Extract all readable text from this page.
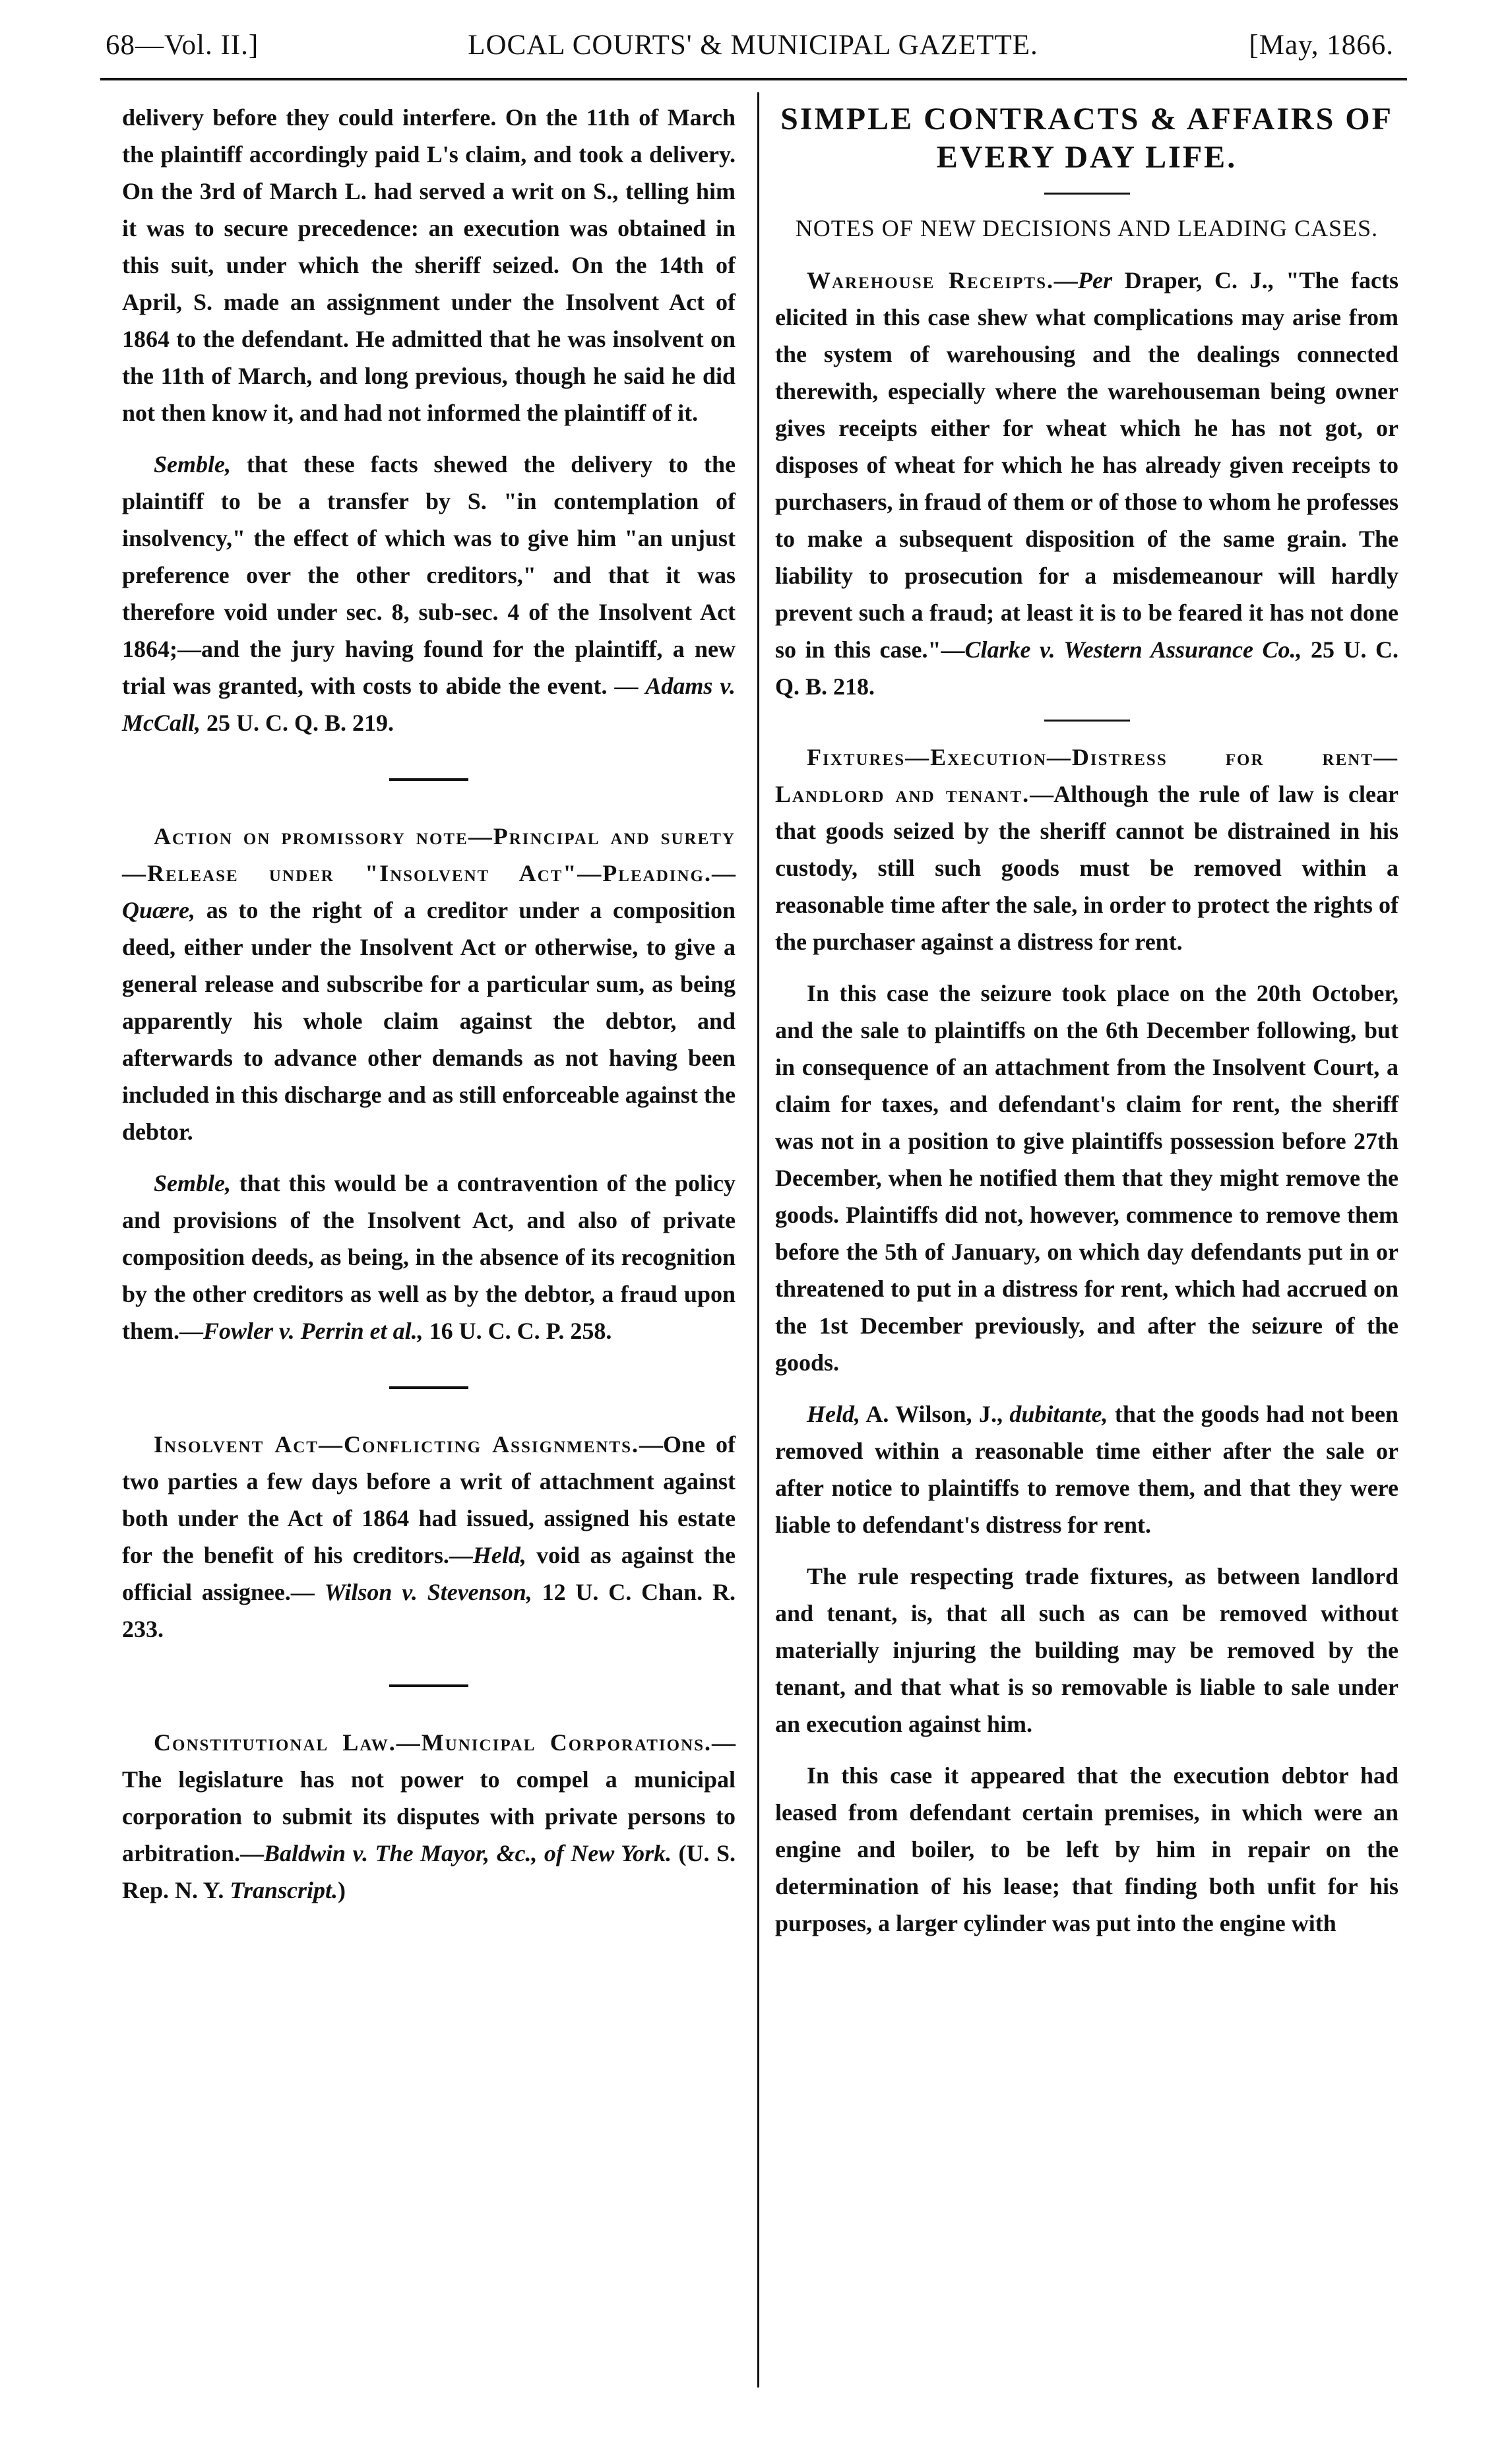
68—Vol. II.]	LOCAL COURTS' & MUNICIPAL GAZETTE.	[May, 1866.

delivery before they could interfere. On the 11th of March the plaintiff accordingly paid L's claim, and took a delivery. On the 3rd of March L. had served a writ on S., telling him it was to secure precedence: an execution was obtained in this suit, under which the sheriff seized. On the 14th of April, S. made an assignment under the Insolvent Act of 1864 to the defendant. He admitted that he was insolvent on the 11th of March, and long previous, though he said he did not then know it, and had not informed the plaintiff of it.

Semble, that these facts shewed the delivery to the plaintiff to be a transfer by S. "in contemplation of insolvency," the effect of which was to give him "an unjust preference over the other creditors," and that it was therefore void under sec. 8, sub-sec. 4 of the Insolvent Act 1864;—and the jury having found for the plaintiff, a new trial was granted, with costs to abide the event. — Adams v. McCall, 25 U. C. Q. B. 219.

Action on promissory note—Principal and surety—Release under "Insolvent Act"—Pleading.—Quære, as to the right of a creditor under a composition deed, either under the Insolvent Act or otherwise, to give a general release and subscribe for a particular sum, as being apparently his whole claim against the debtor, and afterwards to advance other demands as not having been included in this discharge and as still enforceable against the debtor.

Semble, that this would be a contravention of the policy and provisions of the Insolvent Act, and also of private composition deeds, as being, in the absence of its recognition by the other creditors as well as by the debtor, a fraud upon them.—Fowler v. Perrin et al., 16 U. C. C. P. 258.

Insolvent Act—Conflicting Assignments.—One of two parties a few days before a writ of attachment against both under the Act of 1864 had issued, assigned his estate for the benefit of his creditors.—Held, void as against the official assignee.— Wilson v. Stevenson, 12 U. C. Chan. R. 233.

Constitutional Law.—Municipal Corporations.—The legislature has not power to compel a municipal corporation to submit its disputes with private persons to arbitration.—Baldwin v. The Mayor, &c., of New York. (U. S. Rep. N. Y. Transcript.)

SIMPLE CONTRACTS & AFFAIRS OF EVERY DAY LIFE.
NOTES OF NEW DECISIONS AND LEADING CASES.

Warehouse Receipts.—Per Draper, C. J., "The facts elicited in this case shew what complications may arise from the system of warehousing and the dealings connected therewith, especially where the warehouseman being owner gives receipts either for wheat which he has not got, or disposes of wheat for which he has already given receipts to purchasers, in fraud of them or of those to whom he professes to make a subsequent disposition of the same grain. The liability to prosecution for a misdemeanour will hardly prevent such a fraud; at least it is to be feared it has not done so in this case."—Clarke v. Western Assurance Co., 25 U. C. Q. B. 218.

Fixtures—Execution—Distress for rent—Landlord and tenant.—Although the rule of law is clear that goods seized by the sheriff cannot be distrained in his custody, still such goods must be removed within a reasonable time after the sale, in order to protect the rights of the purchaser against a distress for rent.

In this case the seizure took place on the 20th October, and the sale to plaintiffs on the 6th December following, but in consequence of an attachment from the Insolvent Court, a claim for taxes, and defendant's claim for rent, the sheriff was not in a position to give plaintiffs possession before 27th December, when he notified them that they might remove the goods. Plaintiffs did not, however, commence to remove them before the 5th of January, on which day defendants put in or threatened to put in a distress for rent, which had accrued on the 1st December previously, and after the seizure of the goods.

Held, A. Wilson, J., dubitante, that the goods had not been removed within a reasonable time either after the sale or after notice to plaintiffs to remove them, and that they were liable to defendant's distress for rent.

The rule respecting trade fixtures, as between landlord and tenant, is, that all such as can be removed without materially injuring the building may be removed by the tenant, and that what is so removable is liable to sale under an execution against him.

In this case it appeared that the execution debtor had leased from defendant certain premises, in which were an engine and boiler, to be left by him in repair on the determination of his lease; that finding both unfit for his purposes, a larger cylinder was put into the engine with
